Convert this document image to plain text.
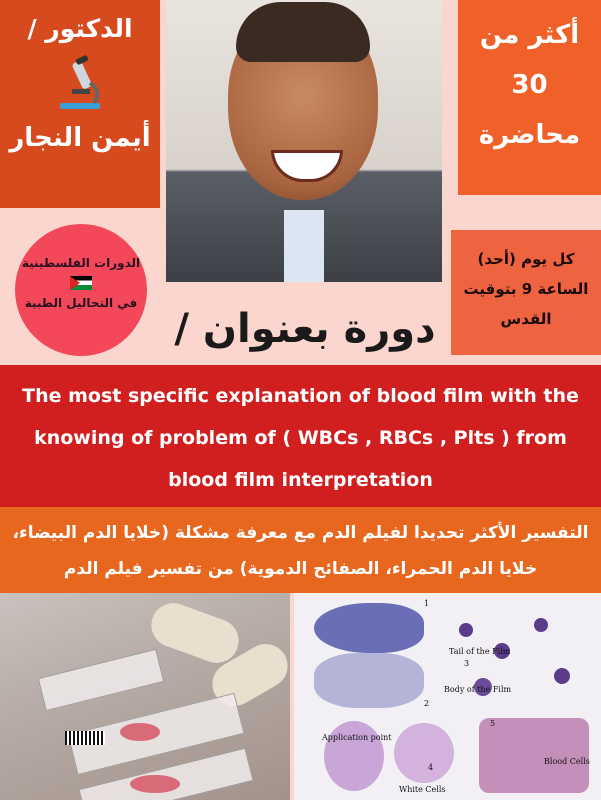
الدكتور /
أيمن النجار
أكثر من
30
محاضرة
الدورات الفلسطينية
في التحاليل الطبية
كل يوم (أحد)
الساعة 9 بتوقيت
القدس
دورة بعنوان /
The most specific explanation of blood film with the
knowing of problem of ( WBCs , RBCs , Plts ) from
blood film interpretation
التفسير الأكثر تحديدا لفيلم الدم مع معرفة مشكلة (خلايا الدم البيضاء،
خلايا الدم الحمراء، الصفائح الدموية) من تفسير فيلم الدم
1
2
3
4
5
Tail of the Film
Body of the Film
Application point
White Cells
Blood Cells
